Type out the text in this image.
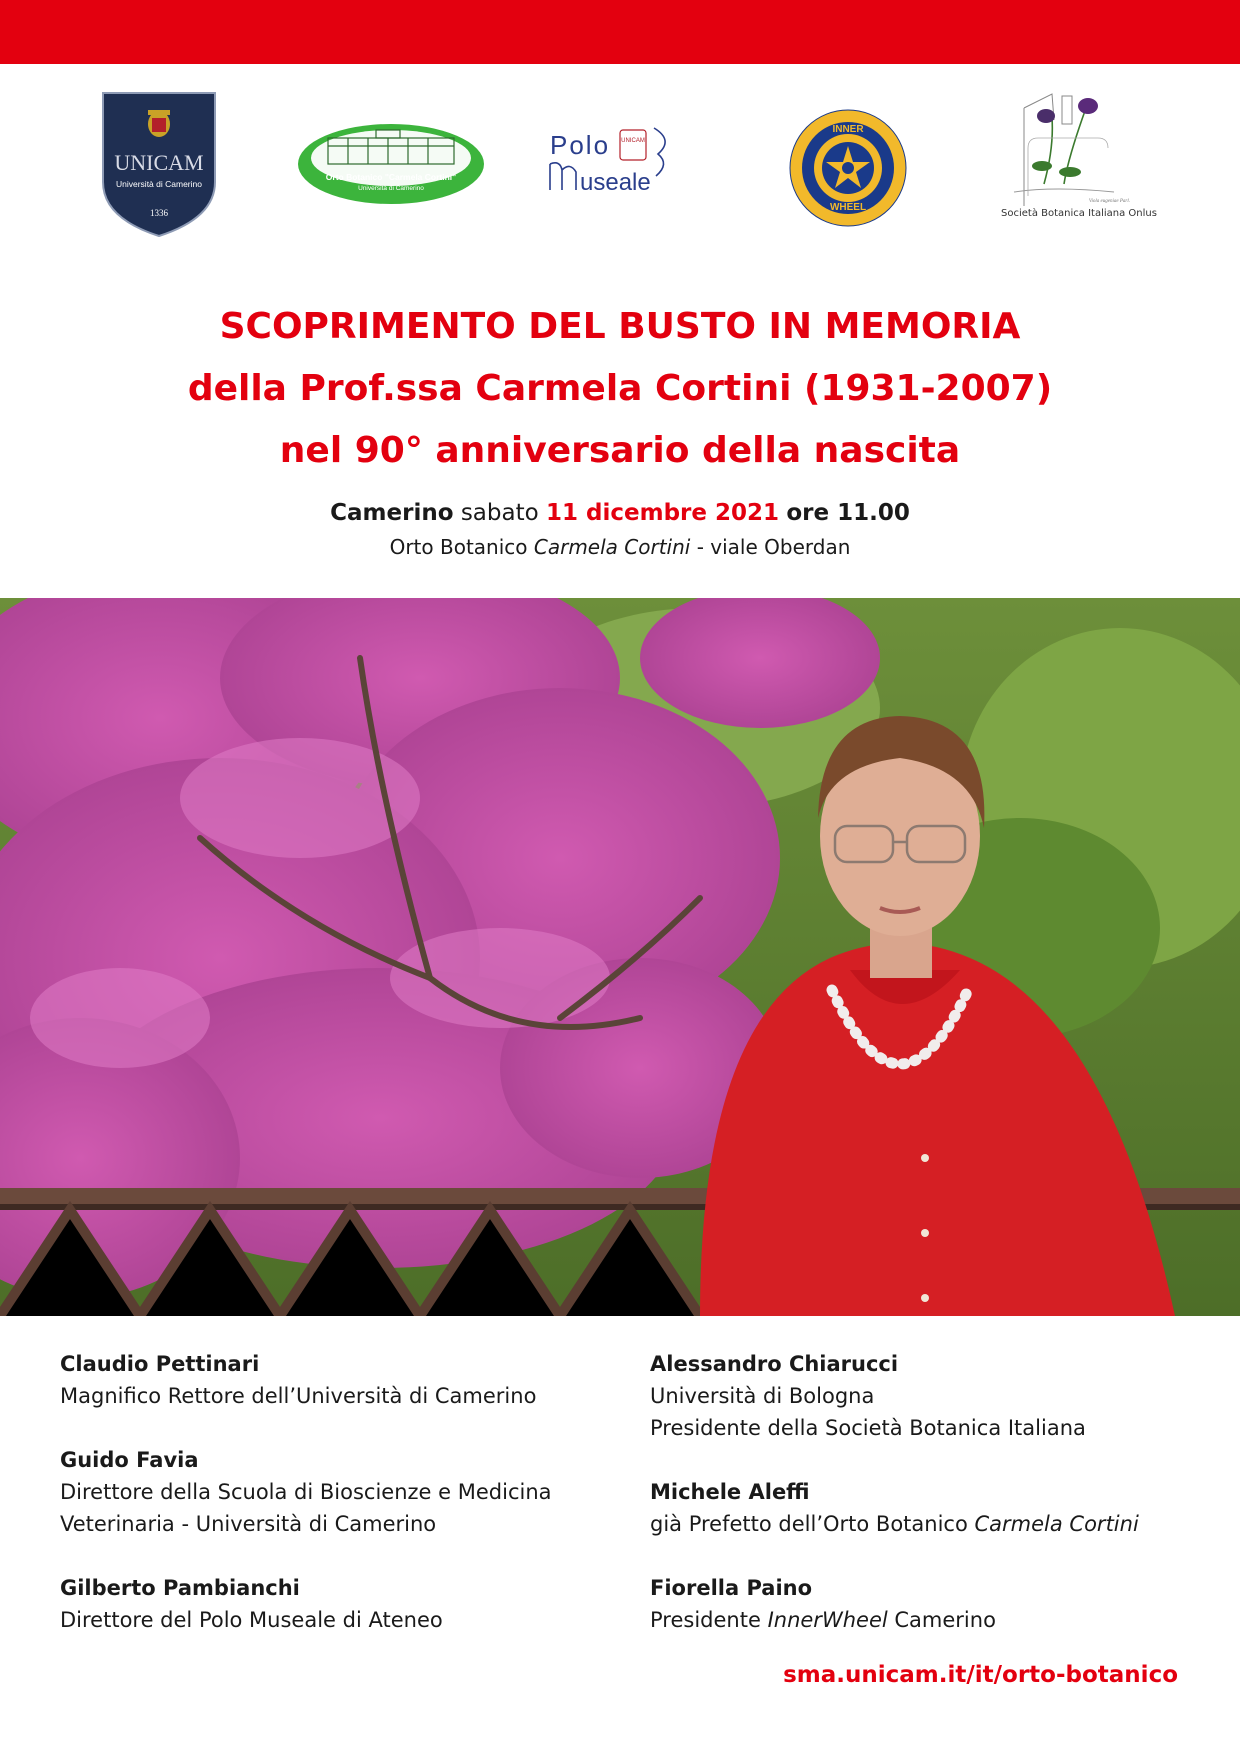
UNICAM
Università di Camerino
1336
Orto Botanico "Carmela Cortini"
Università di Camerino
Polo UNICAM
useale
INNER
WHEEL
Viola eugeniae Parl.
Società Botanica Italiana Onlus

SCOPRIMENTO DEL BUSTO IN MEMORIA

della Prof.ssa Carmela Cortini (1931-2007)

nel 90° anniversario della nascita

Camerino sabato 11 dicembre 2021 ore 11.00
Orto Botanico Carmela Cortini - viale Oberdan
Claudio Pettinari
Magnifico Rettore dell’Università di Camerino
Guido Favia
Direttore della Scuola di Bioscienze e Medicina
Veterinaria - Università di Camerino
Gilberto Pambianchi
Direttore del Polo Museale di Ateneo
Alessandro Chiarucci
Università di Bologna
Presidente della Società Botanica Italiana
Michele Aleffi
già Prefetto dell’Orto Botanico Carmela Cortini
Fiorella Paino
Presidente InnerWheel Camerino
sma.unicam.it/it/orto-botanico
